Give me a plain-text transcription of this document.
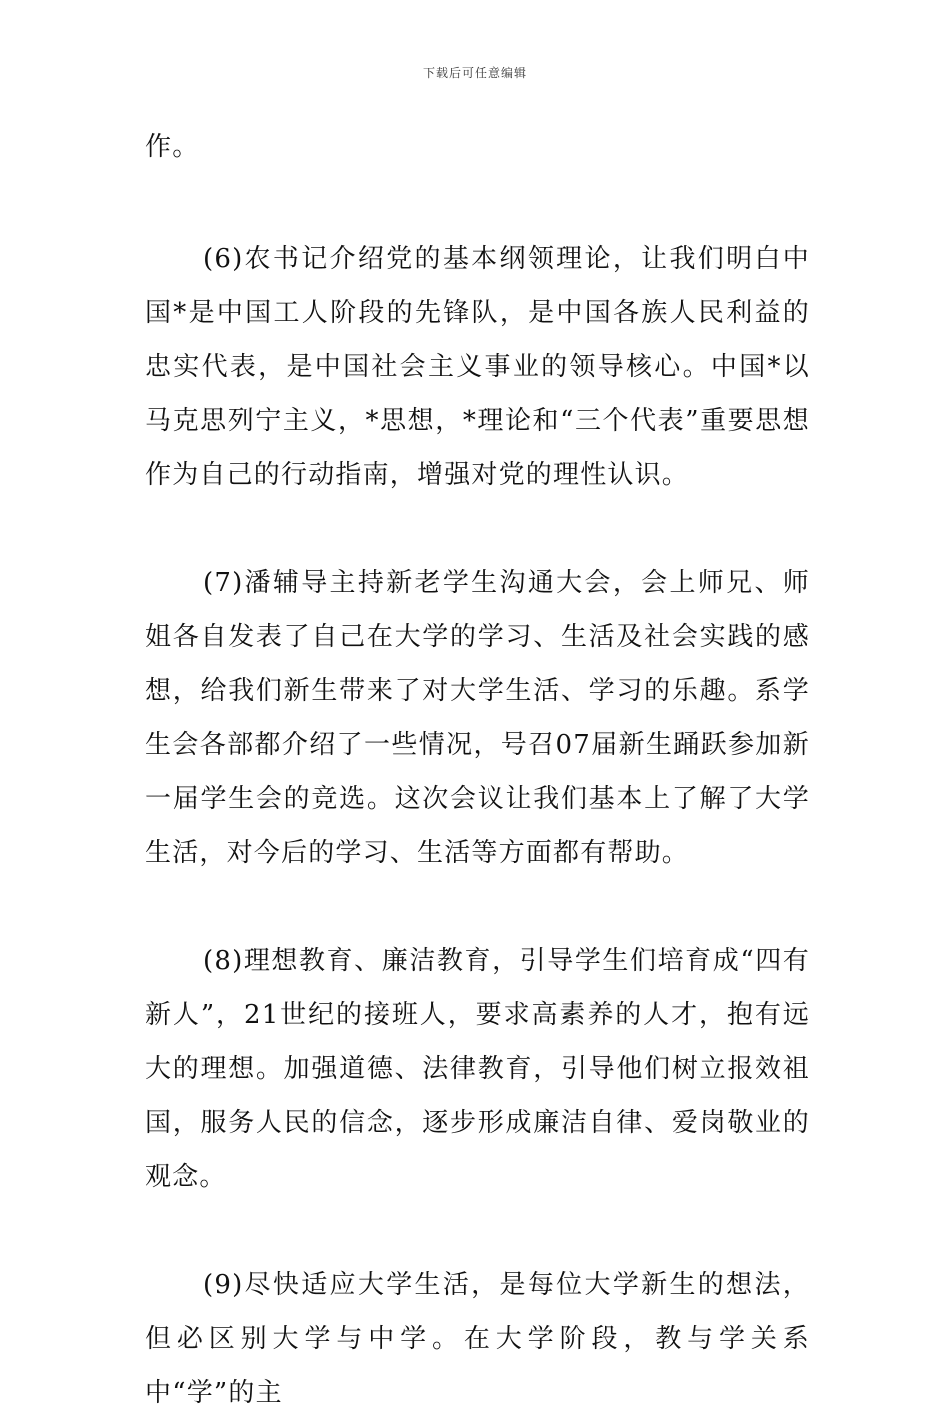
下载后可任意编辑

作。

(6)农书记介绍党的基本纲领理论，让我们明白中国*是中国工人阶段的先锋队，是中国各族人民利益的忠实代表，是中国社会主义事业的领导核心。中国*以马克思列宁主义，*思想，*理论和“三个代表”重要思想作为自己的行动指南，增强对党的理性认识。

(7)潘辅导主持新老学生沟通大会，会上师兄、师姐各自发表了自己在大学的学习、生活及社会实践的感想，给我们新生带来了对大学生活、学习的乐趣。系学生会各部都介绍了一些情况，号召07届新生踊跃参加新一届学生会的竞选。这次会议让我们基本上了解了大学生活，对今后的学习、生活等方面都有帮助。

(8)理想教育、廉洁教育，引导学生们培育成“四有新人”，21世纪的接班人，要求高素养的人才，抱有远大的理想。加强道德、法律教育，引导他们树立报效祖国，服务人民的信念，逐步形成廉洁自律、爱岗敬业的观念。

(9)尽快适应大学生活，是每位大学新生的想法，但必区别大学与中学。在大学阶段，教与学关系中“学”的主
